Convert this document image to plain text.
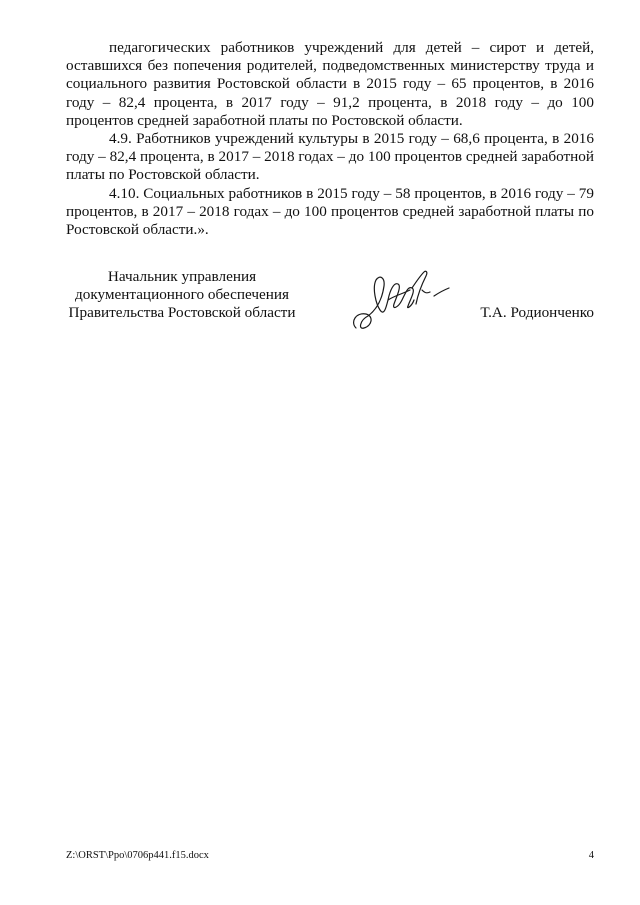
педагогических работников учреждений для детей – сирот и детей, оставшихся без попечения родителей, подведомственных министерству труда и социального развития Ростовской области в 2015 году – 65 процентов, в 2016 году – 82,4 процента, в 2017 году – 91,2 процента, в 2018 году – до 100 процентов средней заработной платы по Ростовской области.

4.9. Работников учреждений культуры в 2015 году – 68,6 процента, в 2016 году – 82,4 процента, в 2017 – 2018 годах – до 100 процентов средней заработной платы по Ростовской области.

4.10. Социальных работников в 2015 году – 58 процентов, в 2016 году – 79 процентов, в 2017 – 2018 годах – до 100 процентов средней заработной платы по Ростовской области.».

Начальник управления
документационного обеспечения
Правительства Ростовской области	Т.А. Родионченко
Z:\ORST\Ppo\0706p441.f15.docx	4
